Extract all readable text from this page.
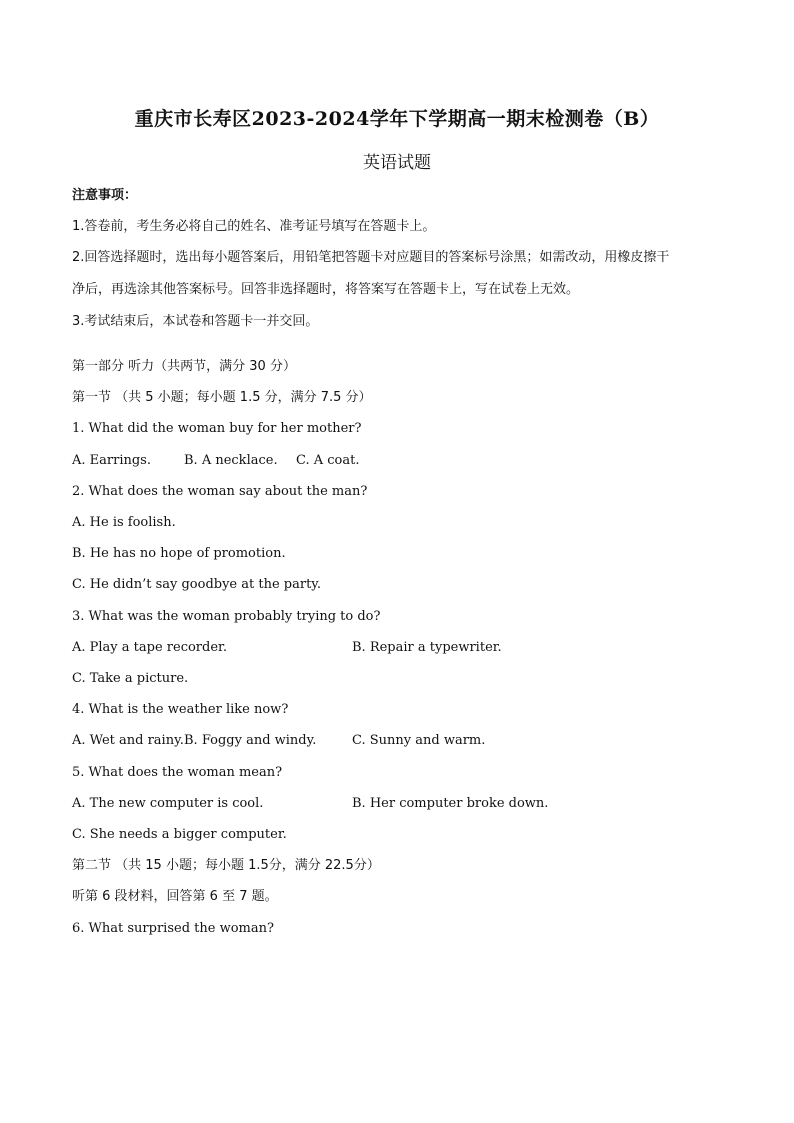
重庆市长寿区2023-2024学年下学期高一期末检测卷（B）
英语试题
注意事项：
1.答卷前，考生务必将自己的姓名、准考证号填写在答题卡上。
2.回答选择题时，选出每小题答案后，用铅笔把答题卡对应题目的答案标号涂黑；如需改动，用橡皮擦干
净后，再选涂其他答案标号。回答非选择题时，将答案写在答题卡上，写在试卷上无效。
3.考试结束后，本试卷和答题卡一并交回。
第一部分 听力（共两节，满分 30 分）
第一节 （共 5 小题；每小题 1.5 分，满分 7.5 分）
1. What did the woman buy for her mother?
A. Earrings.	B. A necklace. C. A coat.
2. What does the woman say about the man?
A. He is foolish.
B. He has no hope of promotion.
C. He didn’t say goodbye at the party.
3. What was the woman probably trying to do?
A. Play a tape recorder.	B. Repair a typewriter.
C. Take a picture.
4. What is the weather like now?
A. Wet and rainy. B. Foggy and windy.	C. Sunny and warm.
5. What does the woman mean?
A. The new computer is cool.	B. Her computer broke down.
C. She needs a bigger computer.
第二节 （共 15 小题；每小题 1.5分，满分 22.5分）
听第 6 段材料，回答第 6 至 7 题。
6. What surprised the woman?
